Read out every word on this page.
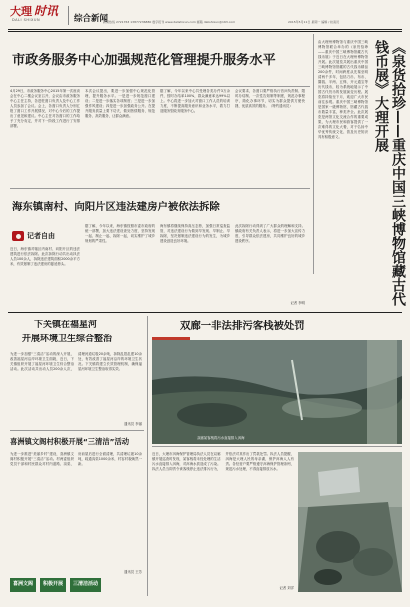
大理 时讯
DALI SHIXUN	综合新闻
新闻热线 2721763 13877236880 数字报刊 www.dalishixun.com 邮箱 dalishixun@163.com	2015年5月11日 星期一 编辑 / 检查员
市政务服务中心加强规范化管理提升服务水平
4月29日，市政务服务中心2015年第一次座谈会在中心二楼会议室召开，会议由市政务服务中心主任主持，各进驻窗口负责人及中心工作人员参加了会议。会上，各窗口负责人分别汇报了窗口工作开展情况，对中心今后的工作提出了意见和建议。中心主任对各窗口的工作给予了充分肯定，并对下一阶段工作进行了安排部署。
本次会议提出，要进一步加强中心规范化管理，提升服务水平。一是进一步规范窗口建设；二是进一步落实各项制度；三是进一步加强作风建设；四是进一步加强政务公开。在提升服务质量上要下功夫，做到热情服务、规范服务、高效服务，让群众满意。
据了解，今年以来中心共受理各类办件3万余件，按时办结率100%，群众满意率达99%以上。中心将进一步加大对窗口工作人员的培训力度，不断提高服务意识和业务水平，着力打造服务型政务服务中心。
会议要求，各窗口要严格执行首问负责制、限时办结制、一次性告知制等制度，规范办事程序，简化办事环节，切实为群众提供方便快捷、优质高效的服务。（特约通讯员）	《泉货拾珍——重庆中国三峡博物馆藏古代钱币展》大理开展
由大理州博物馆与重庆中国三峡博物馆联合举办的《泉货拾珍——重庆中国三峡博物馆藏古代钱币展》于近日在大理州博物馆开展。此次展览共展出重庆中国三峡博物馆馆藏的古代钱币精品200余件，时间跨度从先秦至明清两千多年，包括刀币、布币、圜钱、半两、五铢、开元通宝等历代钱币，较为系统地展示了中国古代货币的发展演变历程。展览将持续至下月，欢迎广大市民前往参观。重庆中国三峡博物馆是国家一级博物馆，馆藏古代钱币数量丰富，种类齐全。此次展览是两馆文化交流合作的重要成果，为大理市民和游客提供了一次难得的文化大餐，对于弘扬中华优秀传统文化、普及历史知识具有积极意义。
海东镇南村、向阳片区违法建房户被依法拆除
记者自由
近日，海东镇对辖区内南村、向阳片区的违法建筑进行依法拆除。此次拆除行动共出动执法人员100余人，拆除违法建筑面积2000余平方米，有效遏制了违法建房的蔓延势头。
据了解，今年以来，海东镇按照市委市政府的统一部署，加大违法建设查处力度，坚持发现一起、制止一起、拆除一起，切实维护了城乡规划的严肃性。
海东镇将继续保持高压态势，加强日常巡查监管，对违法建设行为做到早发现、早制止、早拆除，坚决遏制违法建设行为的发生，为城乡建设创造良好环境。
此次拆除行动得到了广大群众的理解和支持。镇政府有关负责人表示，将进一步加大宣传力度，引导群众依法建房，共同维护良好的城乡建设秩序。
记者 李明
下关镇在福星河
开展环境卫生综合整治
为进一步加强“三清洁”活动的深入开展，改善福星河沿岸环境卫生面貌，近日，下关镇组织开展了福星河环境卫生综合整治活动。此次活动共出动人员200余人次，清理河道垃圾20余吨，拆除乱搭乱建10余处，有效改善了福星河沿岸的环境卫生状况。下关镇将建立长效管理机制，确保福星河环境卫生整治取得实效。
通讯员 李丽
喜洲镇文阁村积极开展“三清洁”活动
为进一步推进“美丽乡村”建设，喜洲镇文阁村积极开展“三清洁”活动。村两委组织党员干部和村民群众对村内道路、沟渠、房前屋后进行全面清理，共清理垃圾10余吨，疏通沟渠1000余米，村容村貌焕然一新。
通讯员 王芳
喜洲文阁	积极开展	三清洁活动
双廊一非法排污客栈被处罚
双廊某客栈将污水直接排入洱海
近日，大理市洱海保护管理局执法人员在双廊镇开展巡查时发现，某客栈将未经处理的生活污水直接排入洱海，对洱海水质造成了污染。执法人员当即责令该客栈停止违法排污行为，并依法对其作出了罚款处罚。执法人员提醒，洱海是大理人民的母亲湖，保护洱海人人有责。各经营户要严格遵守洱海保护管理条例，规范污水处理，不得直接排放污水。
记者 刘洋
